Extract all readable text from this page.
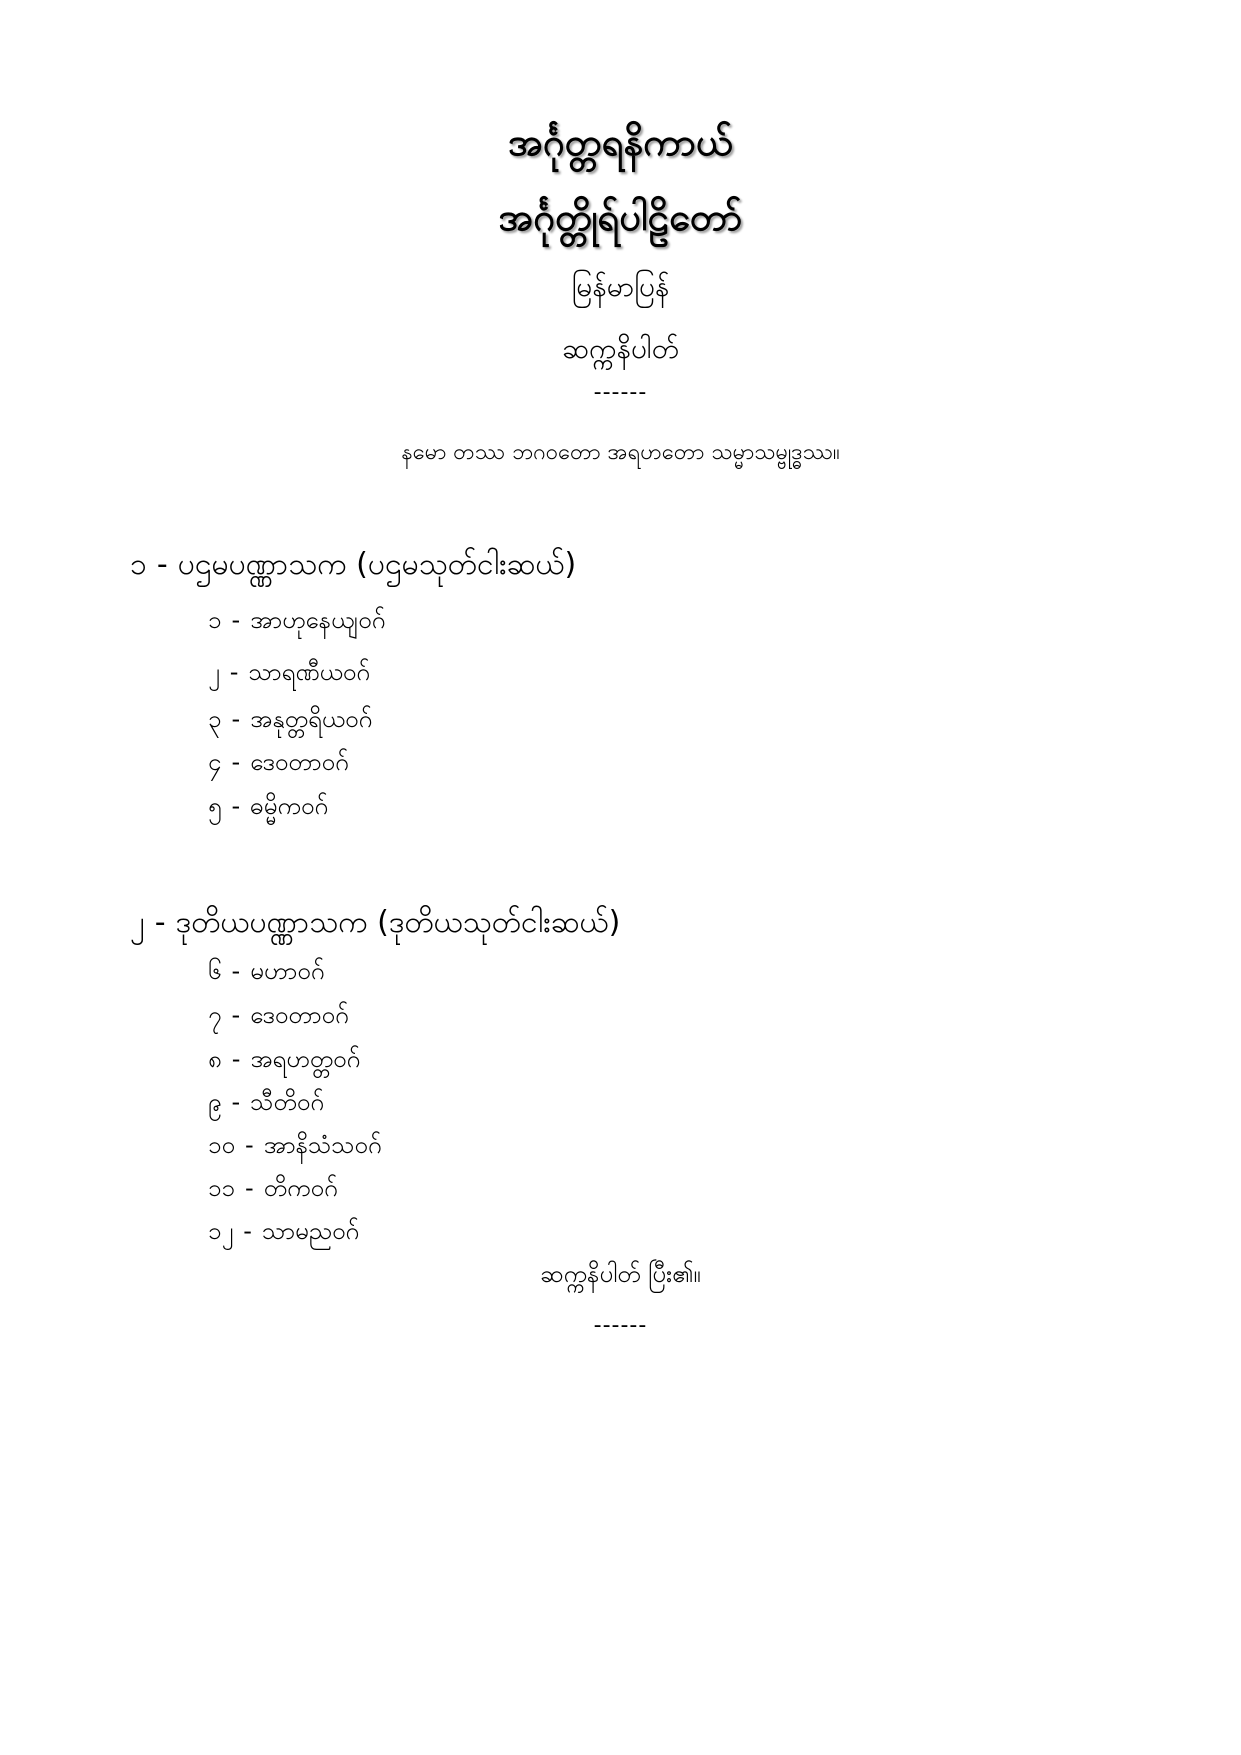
အင်္ဂုတ္တရနိကာယ်
အင်္ဂုတ္တိုရ်ပါဠိတော်
မြန်မာပြန်
ဆက္ကနိပါတ်
------
နမော တဿ ဘဂဝတော အရဟတော သမ္မာသမ္ဗုဒ္ဓဿ။
၁ - ပဌမပဏ္ဏာသက (ပဌမသုတ်ငါးဆယ်)
၁ - အာဟုနေယျဝဂ်
၂ - သာရဏီယဝဂ်
၃ - အနုတ္တရိယဝဂ်
၄ - ဒေဝတာဝဂ်
၅ - ဓမ္မိကဝဂ်
၂ - ဒုတိယပဏ္ဏာသက (ဒုတိယသုတ်ငါးဆယ်)
၆ - မဟာဝဂ်
၇ - ဒေဝတာဝဂ်
၈ - အရဟတ္တဝဂ်
၉ - သီတိဝဂ်
၁၀ - အာနိသံသဝဂ်
၁၁ - တိကဝဂ်
၁၂ - သာမညဝဂ်
ဆက္ကနိပါတ် ပြီး၏။
------
